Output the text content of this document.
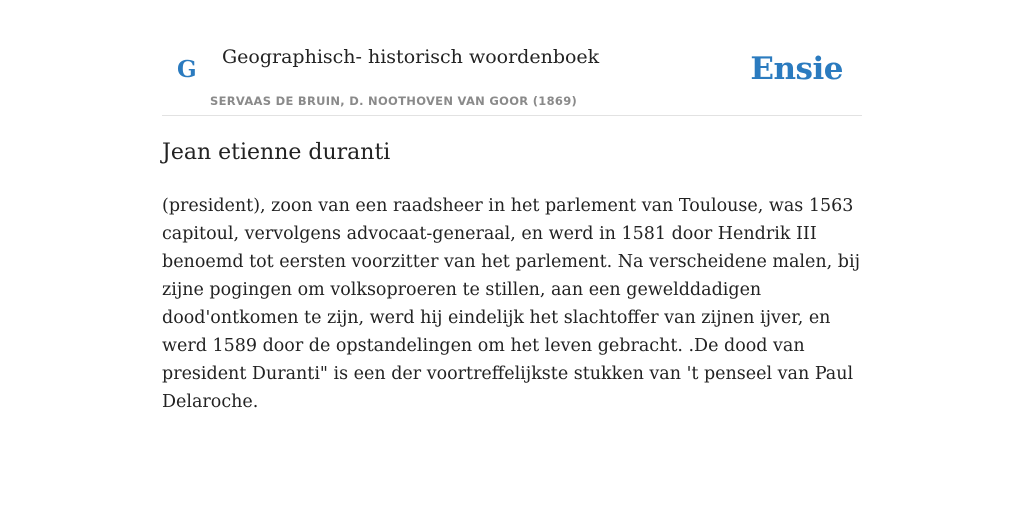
G Geographisch- historisch woordenboek
SERVAAS DE BRUIN, D. NOOTHOVEN VAN GOOR (1869)
Ensie
Jean etienne duranti

(president), zoon van een raadsheer in het parlement van Toulouse, was 1563 capitoul, vervolgens advocaat-generaal, en werd in 1581 door Hendrik III benoemd tot eersten voorzitter van het parlement. Na verscheidene malen, bij zijne pogingen om volksoproeren te stillen, aan een gewelddadigen dood'ontkomen te zijn, werd hij eindelijk het slachtoffer van zijnen ijver, en werd 1589 door de opstandelingen om het leven gebracht. .De dood van president Duranti" is een der voortreffelijkste stukken van 't penseel van Paul Delaroche.
